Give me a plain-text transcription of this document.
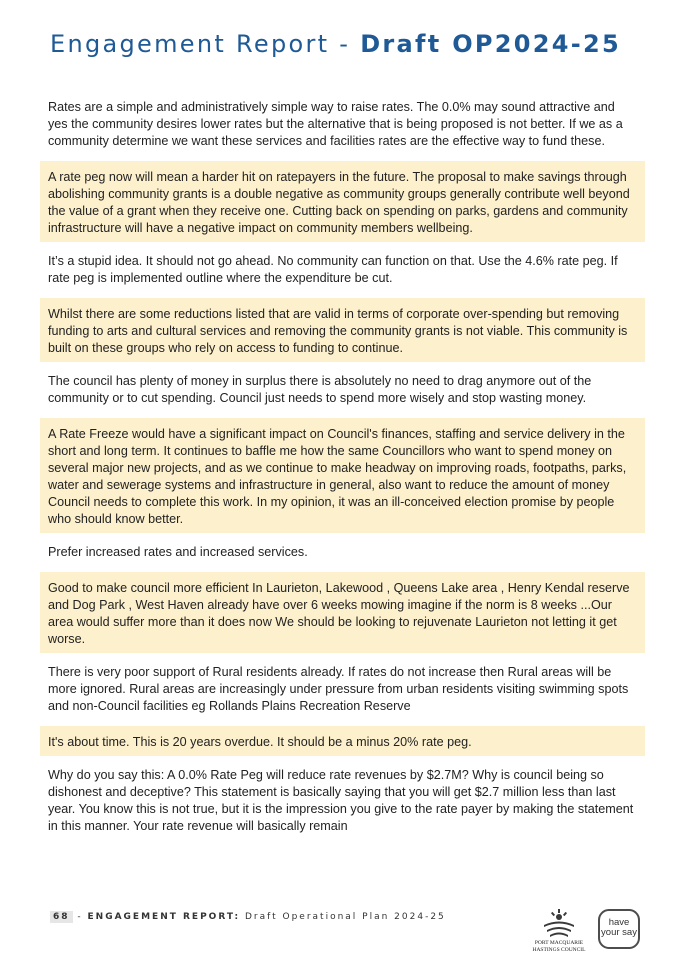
Engagement Report - Draft OP2024-25
Rates are a simple and administratively simple way to raise rates. The 0.0% may sound attractive and yes the community desires lower rates but the alternative that is being proposed is not better. If we as a community determine we want these services and facilities rates are the effective way to fund these.
A rate peg now will mean a harder hit on ratepayers in the future. The proposal to make savings through abolishing community grants is a double negative as community groups generally contribute well beyond the value of a grant when they receive one. Cutting back on spending on parks, gardens and community infrastructure will have a negative impact on community members wellbeing.
It’s a stupid idea. It should not go ahead. No community can function on that. Use the 4.6% rate peg. If rate peg is implemented outline where the expenditure be cut.
Whilst there are some reductions listed that are valid in terms of corporate over-spending but removing funding to arts and cultural services and removing the community grants is not viable. This community is built on these groups who rely on access to funding to continue.
The council has plenty of money in surplus there is absolutely no need to drag anymore out of the community or to cut spending. Council just needs to spend more wisely and stop wasting money.
A Rate Freeze would have a significant impact on Council's finances, staffing and service delivery in the short and long term. It continues to baffle me how the same Councillors who want to spend money on several major new projects, and as we continue to make headway on improving roads, footpaths, parks, water and sewerage systems and infrastructure in general, also want to reduce the amount of money Council needs to complete this work. In my opinion, it was an ill-conceived election promise by people who should know better.
Prefer increased rates and increased services.
Good to make council more efficient In Laurieton, Lakewood , Queens Lake area , Henry Kendal reserve and Dog Park , West Haven already have over 6 weeks mowing imagine if the norm is 8 weeks ...Our area would suffer more than it does now We should be looking to rejuvenate Laurieton not letting it get worse.
There is very poor support of Rural residents already. If rates do not increase then Rural areas will be more ignored. Rural areas are increasingly under pressure from urban residents visiting swimming spots and non-Council facilities eg Rollands Plains Recreation Reserve
It's about time. This is 20 years overdue. It should be a minus 20% rate peg.
Why do you say this: A 0.0% Rate Peg will reduce rate revenues by $2.7M? Why is council being so dishonest and deceptive? This statement is basically saying that you will get $2.7 million less than last year. You know this is not true, but it is the impression you give to the rate payer by making the statement in this manner. Your rate revenue will basically remain
68 - ENGAGEMENT REPORT: Draft Operational Plan 2024-25
PORT MACQUARIE
HASTINGS COUNCIL
have
your say
